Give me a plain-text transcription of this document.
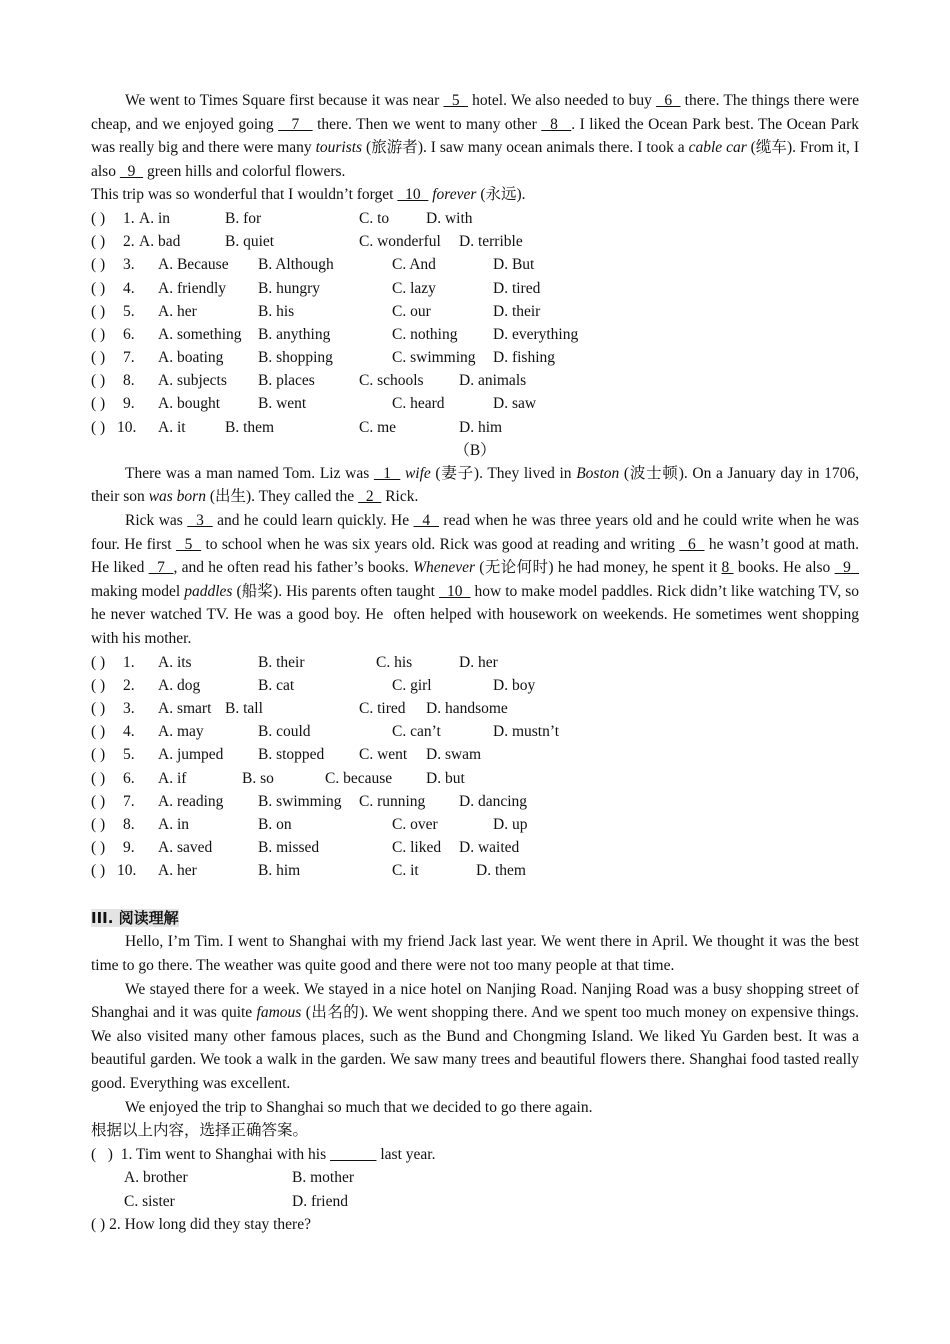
We went to Times Square first because it was near   5   hotel. We also needed to buy   6   there. The things there were cheap, and we enjoyed going    7    there. Then we went to many other   8   . I liked the Ocean Park best. The Ocean Park was really big and there were many tourists (旅游者). I saw many ocean animals there. I took a cable car (缆车). From it, I also   9   green hills and colorful flowers.

This trip was so wonderful that I wouldn’t forget   10   forever (永远).

( ) 1. A. in	B. for	C. to D. with
( ) 2. A. bad	B. quiet	C. wonderful D. terrible
( ) 3. A. Because B. Although	C. And	D. But
( ) 4. A. friendly B. hungry	C. lazy	D. tired
( ) 5. A. her	B. his	C. our	D. their
( ) 6. A. something B. anything	C. nothing D. everything
( ) 7. A. boating B. shopping	C. swimming D. fishing
( ) 8. A. subjects B. places	C. schools D. animals
( ) 9. A. bought B. went	C. heard	D. saw
( ) 10. A. it	B. them	C. me	D. him
（B）

There was a man named Tom. Liz was   1   wife (妻子). They lived in Boston (波士顿). On a January day in 1706, their son was born (出生). They called the   2   Rick.

Rick was   3   and he could learn quickly. He   4   read when he was three years old and he could write when he was four. He first   5   to school when he was six years old. Rick was good at reading and writing   6   he wasn’t good at math. He liked   7  , and he often read his father’s books. Whenever (无论何时) he had money, he spent it 8  books. He also   9   making model paddles (船桨). His parents often taught   10   how to make model paddles. Rick didn’t like watching TV, so he never watched TV. He was a good boy. He  often helped with housework on weekends. He sometimes went shopping with his mother.

( ) 1. A. its	B. their	C. his	D. her
( ) 2. A. dog	B. cat	C. girl	D. boy
( ) 3. A. smart B. tall	C. tired D. handsome
( ) 4. A. may	B. could	C. can’t	D. mustn’t
( ) 5. A. jumped B. stopped C. went D. swam
( ) 6. A. if	B. so	C. because D. but
( ) 7. A. reading B. swimming C. running D. dancing
( ) 8. A. in	B. on	C. over	D. up
( ) 9. A. saved	B. missed	C. liked D. waited
( ) 10. A. her	B. him	C. it	D. them
III. 阅读理解

Hello, I’m Tim. I went to Shanghai with my friend Jack last year. We went there in April. We thought it was the best time to go there. The weather was quite good and there were not too many people at that time.

We stayed there for a week. We stayed in a nice hotel on Nanjing Road. Nanjing Road was a busy shopping street of Shanghai and it was quite famous (出名的). We went shopping there. And we spent too much money on expensive things. We also visited many other famous places, such as the Bund and Chongming Island. We liked Yu Garden best. It was a beautiful garden. We took a walk in the garden. We saw many trees and beautiful flowers there. Shanghai food tasted really good. Everything was excellent.

We enjoyed the trip to Shanghai so much that we decided to go there again.

根据以上内容，选择正确答案。

(   )  1. Tim went to Shanghai with his	last year.

A. brother	B. mother
C. sister	D. friend

( ) 2. How long did they stay there?
